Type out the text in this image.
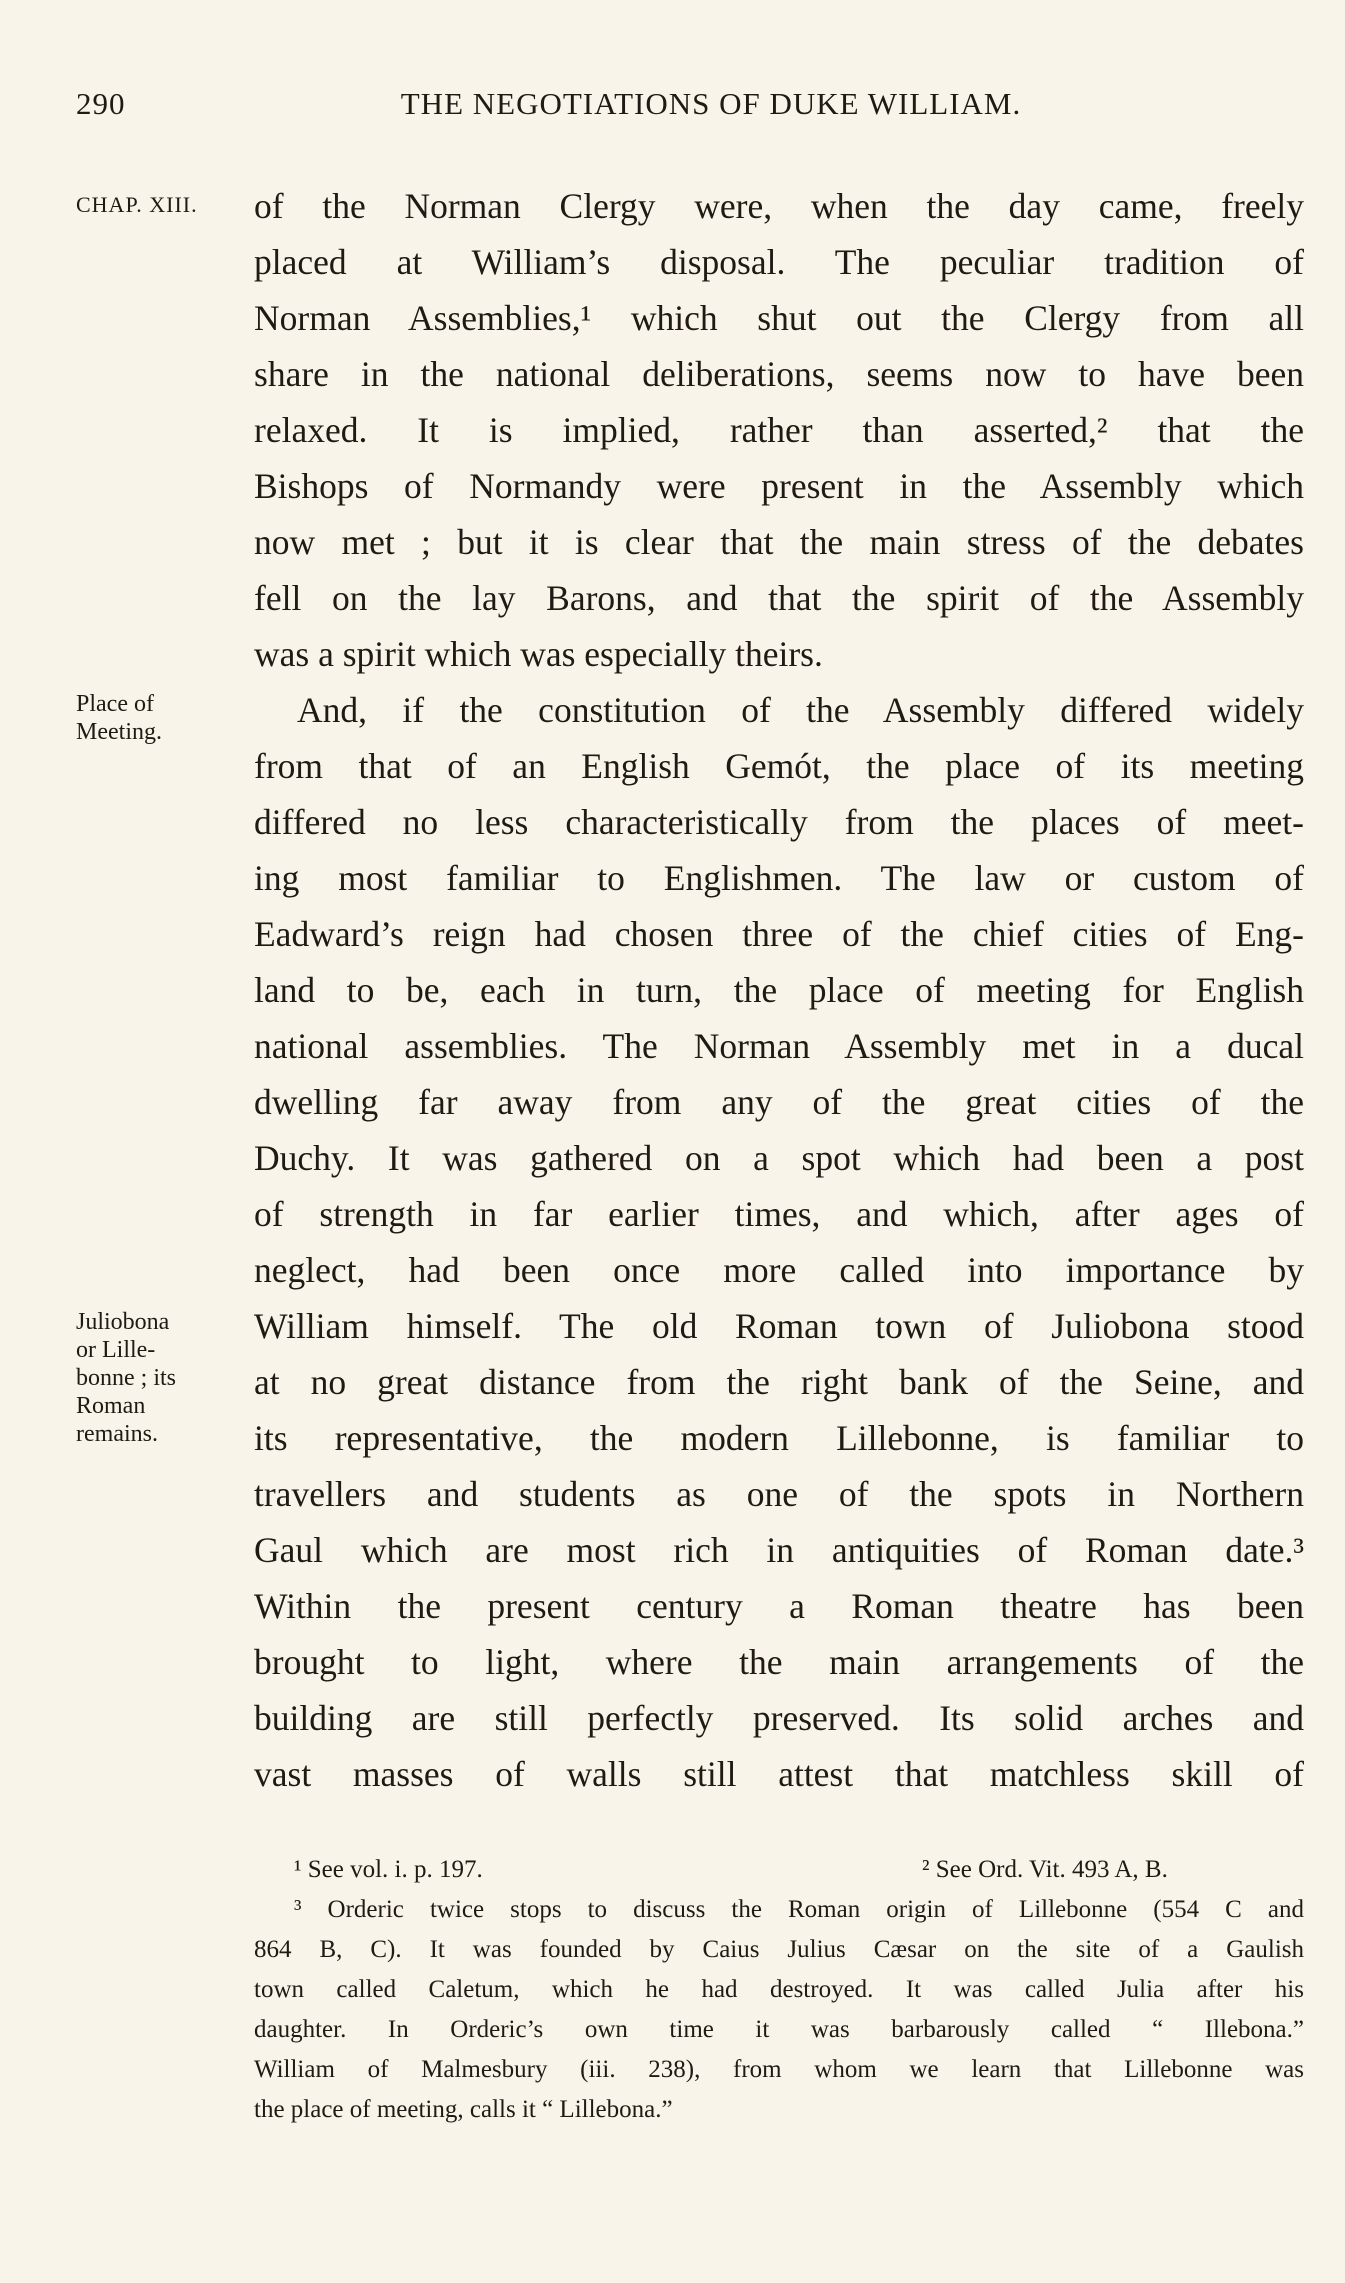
290	THE NEGOTIATIONS OF DUKE WILLIAM.
CHAP. XIII.
Place of
Meeting.
Juliobona
or Lille-
bonne ; its
Roman
remains.
of the Norman Clergy were, when the day came, freely
placed at William’s disposal. The peculiar tradition of
Norman Assemblies,¹ which shut out the Clergy from all
share in the national deliberations, seems now to have been
relaxed. It is implied, rather than asserted,² that the
Bishops of Normandy were present in the Assembly which
now met ; but it is clear that the main stress of the debates
fell on the lay Barons, and that the spirit of the Assembly
was a spirit which was especially theirs.
And, if the constitution of the Assembly differed widely
from that of an English Gemót, the place of its meeting
differed no less characteristically from the places of meet-
ing most familiar to Englishmen. The law or custom of
Eadward’s reign had chosen three of the chief cities of Eng-
land to be, each in turn, the place of meeting for English
national assemblies. The Norman Assembly met in a ducal
dwelling far away from any of the great cities of the
Duchy. It was gathered on a spot which had been a post
of strength in far earlier times, and which, after ages of
neglect, had been once more called into importance by
William himself. The old Roman town of Juliobona stood
at no great distance from the right bank of the Seine, and
its representative, the modern Lillebonne, is familiar to
travellers and students as one of the spots in Northern
Gaul which are most rich in antiquities of Roman date.³
Within the present century a Roman theatre has been
brought to light, where the main arrangements of the
building are still perfectly preserved. Its solid arches and
vast masses of walls still attest that matchless skill of
¹ See vol. i. p. 197.	² See Ord. Vit. 493 A, B.
³ Orderic twice stops to discuss the Roman origin of Lillebonne (554 C and
864 B, C). It was founded by Caius Julius Cæsar on the site of a Gaulish
town called Caletum, which he had destroyed. It was called Julia after his
daughter. In Orderic’s own time it was barbarously called “ Illebona.”
William of Malmesbury (iii. 238), from whom we learn that Lillebonne was
the place of meeting, calls it “ Lillebona.”
